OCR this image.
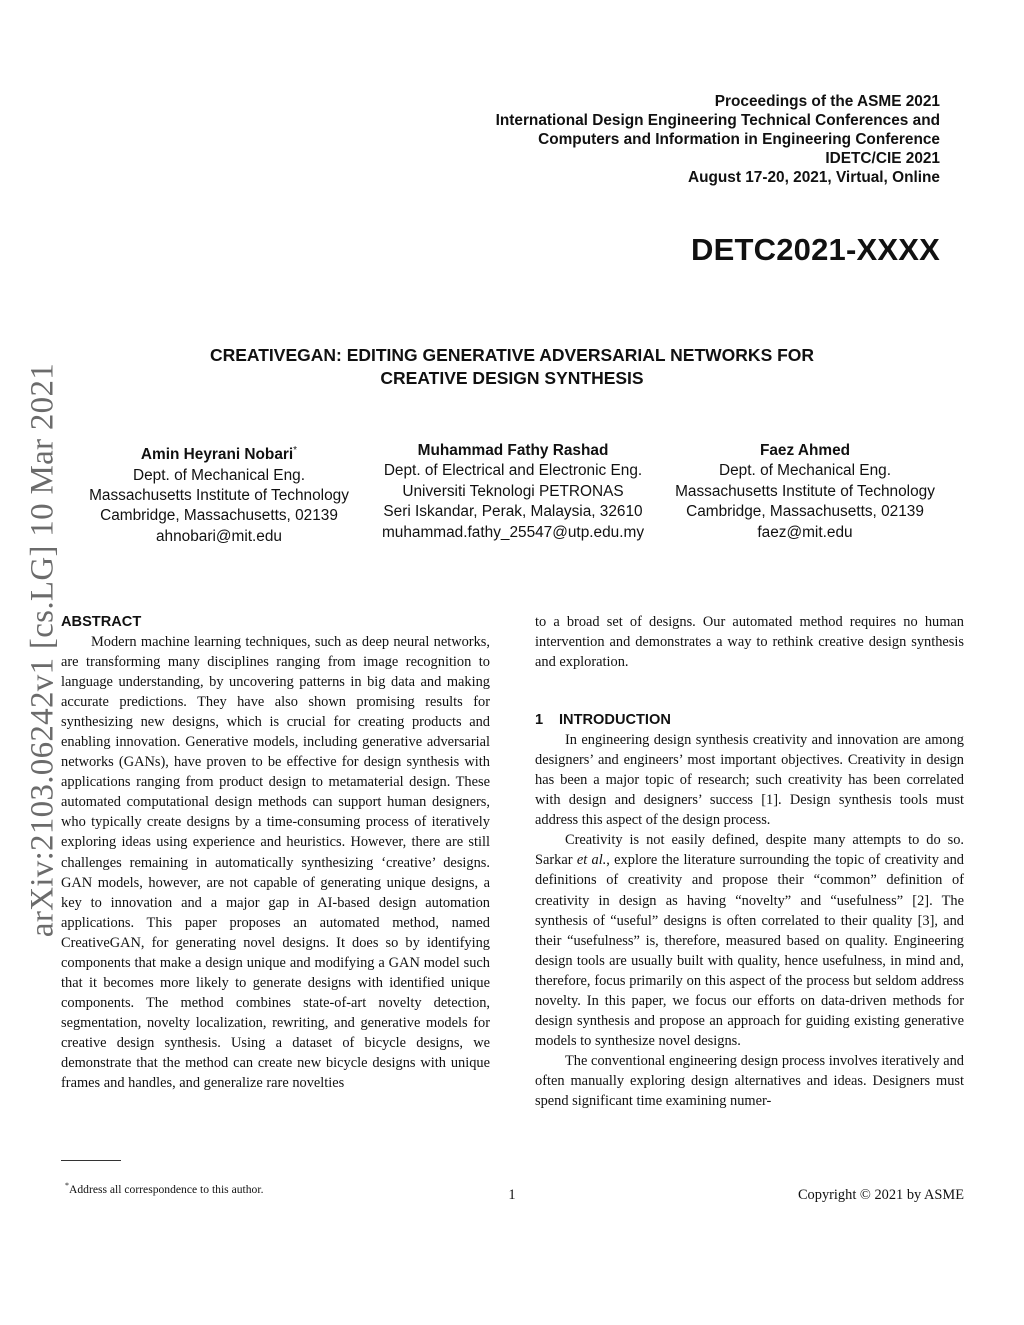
Proceedings of the ASME 2021
International Design Engineering Technical Conferences and
Computers and Information in Engineering Conference
IDETC/CIE 2021
August 17-20, 2021, Virtual, Online
DETC2021-XXXX
CREATIVEGAN: EDITING GENERATIVE ADVERSARIAL NETWORKS FOR
CREATIVE DESIGN SYNTHESIS
Amin Heyrani Nobari*
Dept. of Mechanical Eng.
Massachusetts Institute of Technology
Cambridge, Massachusetts, 02139
ahnobari@mit.edu
Muhammad Fathy Rashad
Dept. of Electrical and Electronic Eng.
Universiti Teknologi PETRONAS
Seri Iskandar, Perak, Malaysia, 32610
muhammad.fathy_25547@utp.edu.my
Faez Ahmed
Dept. of Mechanical Eng.
Massachusetts Institute of Technology
Cambridge, Massachusetts, 02139
faez@mit.edu
arXiv:2103.06242v1 [cs.LG] 10 Mar 2021 ABSTRACT

Modern machine learning techniques, such as deep neural networks, are transforming many disciplines ranging from image recognition to language understanding, by uncovering patterns in big data and making accurate predictions. They have also shown promising results for synthesizing new designs, which is crucial for creating products and enabling innovation. Generative models, including generative adversarial networks (GANs), have proven to be effective for design synthesis with applications ranging from product design to metamaterial design. These automated computational design methods can support human designers, who typically create designs by a time-consuming process of iteratively exploring ideas using experience and heuristics. However, there are still challenges remaining in automatically synthesizing ‘creative’ designs. GAN models, however, are not capable of generating unique designs, a key to innovation and a major gap in AI-based design automation applications. This paper proposes an automated method, named CreativeGAN, for generating novel designs. It does so by identifying components that make a design unique and modifying a GAN model such that it becomes more likely to generate designs with identified unique components. The method combines state-of-art novelty detection, segmentation, novelty localization, rewriting, and generative models for creative design synthesis. Using a dataset of bicycle designs, we demonstrate that the method can create new bicycle designs with unique frames and handles, and generalize rare novelties

to a broad set of designs. Our automated method requires no human intervention and demonstrates a way to rethink creative design synthesis and exploration.

1 INTRODUCTION

In engineering design synthesis creativity and innovation are among designers’ and engineers’ most important objectives. Creativity in design has been a major topic of research; such creativity has been correlated with design and designers’ success [1]. Design synthesis tools must address this aspect of the design process.

Creativity is not easily defined, despite many attempts to do so. Sarkar et al., explore the literature surrounding the topic of creativity and definitions of creativity and propose their “common” definition of creativity in design as having “novelty” and “usefulness” [2]. The synthesis of “useful” designs is often correlated to their quality [3], and their “usefulness” is, therefore, measured based on quality. Engineering design tools are usually built with quality, hence usefulness, in mind and, therefore, focus primarily on this aspect of the process but seldom address novelty. In this paper, we focus our efforts on data-driven methods for design synthesis and propose an approach for guiding existing generative models to synthesize novel designs.

The conventional engineering design process involves iteratively and often manually exploring design alternatives and ideas. Designers must spend significant time examining numer-

*Address all correspondence to this author.	1	Copyright © 2021 by ASME
